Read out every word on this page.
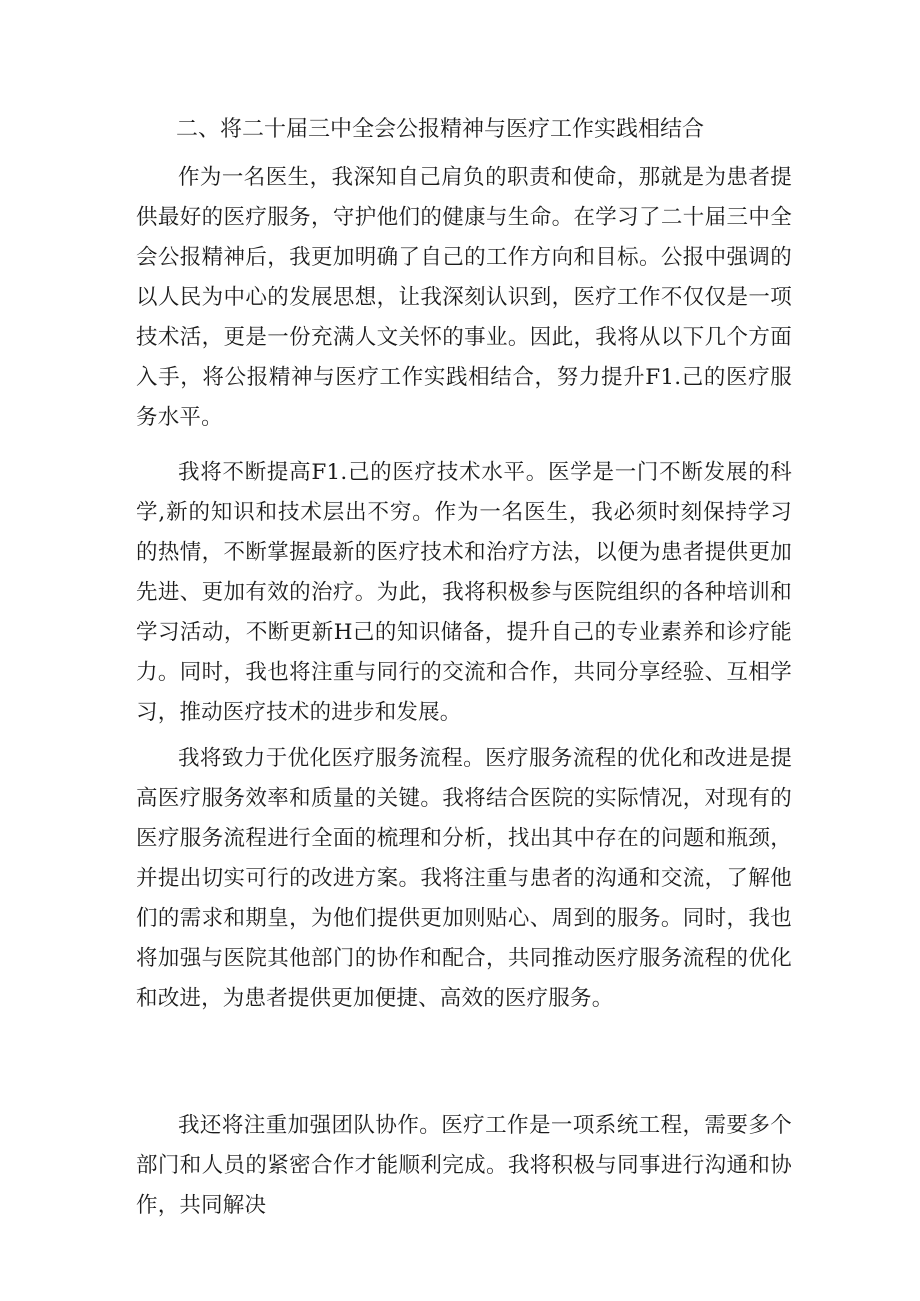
二、将二十届三中全会公报精神与医疗工作实践相结合

作为一名医生，我深知自己肩负的职责和使命，那就是为患者提供最好的医疗服务，守护他们的健康与生命。在学习了二十届三中全会公报精神后，我更加明确了自己的工作方向和目标。公报中强调的以人民为中心的发展思想，让我深刻认识到，医疗工作不仅仅是一项技术活，更是一份充满人文关怀的事业。因此，我将从以下几个方面入手，将公报精神与医疗工作实践相结合，努力提升F1.己的医疗服务水平。

我将不断提高F1.己的医疗技术水平。医学是一门不断发展的科学,新的知识和技术层出不穷。作为一名医生，我必须时刻保持学习的热情，不断掌握最新的医疗技术和治疗方法，以便为患者提供更加先进、更加有效的治疗。为此，我将积极参与医院组织的各种培训和学习活动，不断更新H己的知识储备，提升自己的专业素养和诊疗能力。同时，我也将注重与同行的交流和合作，共同分享经验、互相学习，推动医疗技术的进步和发展。

我将致力于优化医疗服务流程。医疗服务流程的优化和改进是提高医疗服务效率和质量的关键。我将结合医院的实际情况，对现有的医疗服务流程进行全面的梳理和分析，找出其中存在的问题和瓶颈，并提出切实可行的改进方案。我将注重与患者的沟通和交流，了解他们的需求和期皇，为他们提供更加则贴心、周到的服务。同时，我也将加强与医院其他部门的协作和配合，共同推动医疗服务流程的优化和改进，为患者提供更加便捷、高效的医疗服务。

我还将注重加强团队协作。医疗工作是一项系统工程，需要多个部门和人员的紧密合作才能顺利完成。我将积极与同事进行沟通和协作，共同解决
